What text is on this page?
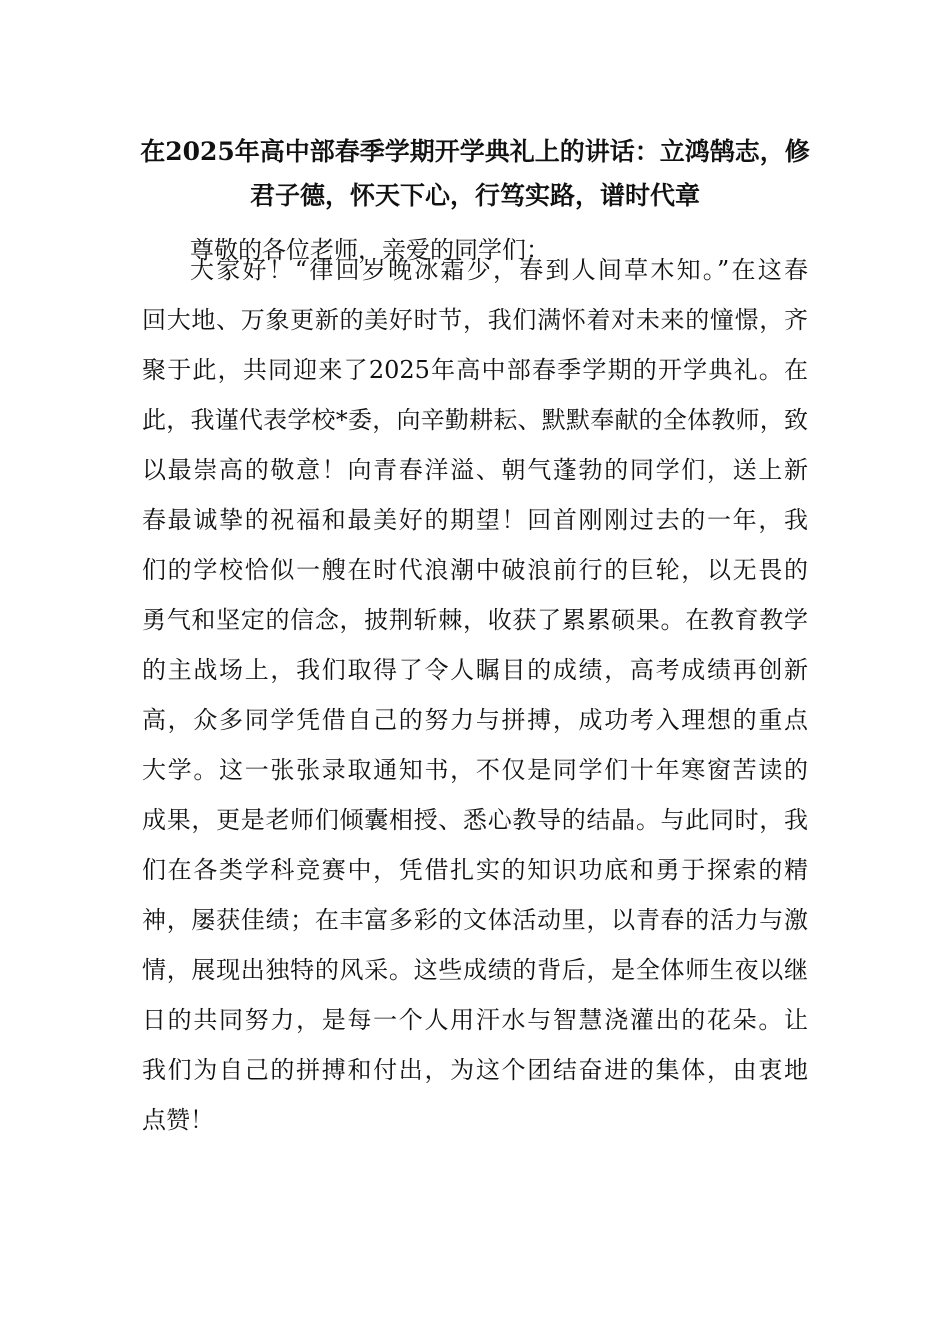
在2025年高中部春季学期开学典礼上的讲话：立鸿鹄志，修
君子德，怀天下心，行笃实路，谱时代章
尊敬的各位老师，亲爱的同学们：
大家好！“律回岁晚冰霜少，春到人间草木知。”在这春
回大地、万象更新的美好时节，我们满怀着对未来的憧憬，齐
聚于此，共同迎来了2025年高中部春季学期的开学典礼。在
此，我谨代表学校*委，向辛勤耕耘、默默奉献的全体教师，致
以最崇高的敬意！向青春洋溢、朝气蓬勃的同学们，送上新
春最诚挚的祝福和最美好的期望！回首刚刚过去的一年，我
们的学校恰似一艘在时代浪潮中破浪前行的巨轮，以无畏的
勇气和坚定的信念，披荆斩棘，收获了累累硕果。在教育教学
的主战场上，我们取得了令人瞩目的成绩，高考成绩再创新
高，众多同学凭借自己的努力与拼搏，成功考入理想的重点
大学。这一张张录取通知书，不仅是同学们十年寒窗苦读的
成果，更是老师们倾囊相授、悉心教导的结晶。与此同时，我
们在各类学科竞赛中，凭借扎实的知识功底和勇于探索的精
神，屡获佳绩；在丰富多彩的文体活动里，以青春的活力与激
情，展现出独特的风采。这些成绩的背后，是全体师生夜以继
日的共同努力，是每一个人用汗水与智慧浇灌出的花朵。让
我们为自己的拼搏和付出，为这个团结奋进的集体，由衷地
点赞！
